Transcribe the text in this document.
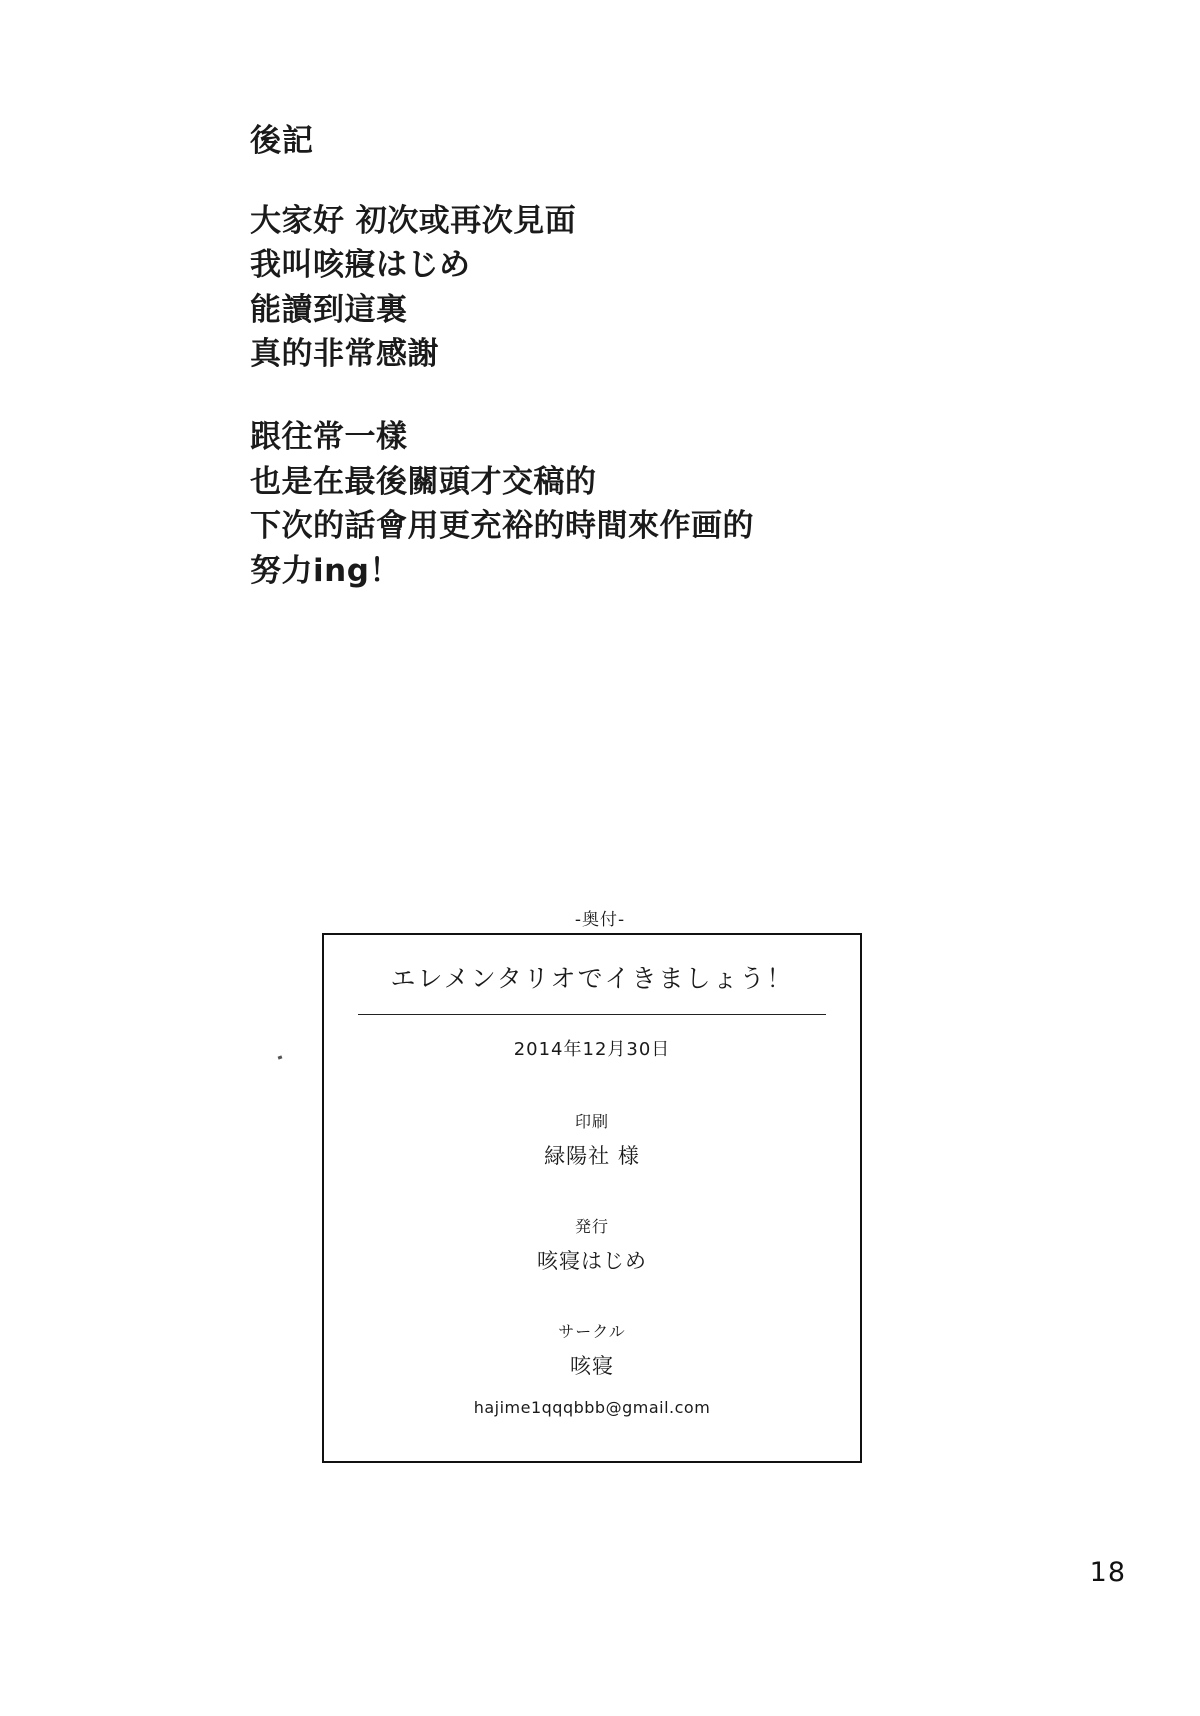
後記
大家好 初次或再次見面
我叫咳寢はじめ
能讀到這裏
真的非常感謝
跟往常一樣
也是在最後關頭才交稿的
下次的話會用更充裕的時間來作画的
努力ing！
-奥付-
エレメンタリオでイきましょう！
2014年12月30日
印刷
緑陽社 様
発行
咳寝はじめ
サークル
咳寝
hajime1qqqbbb@gmail.com
18
